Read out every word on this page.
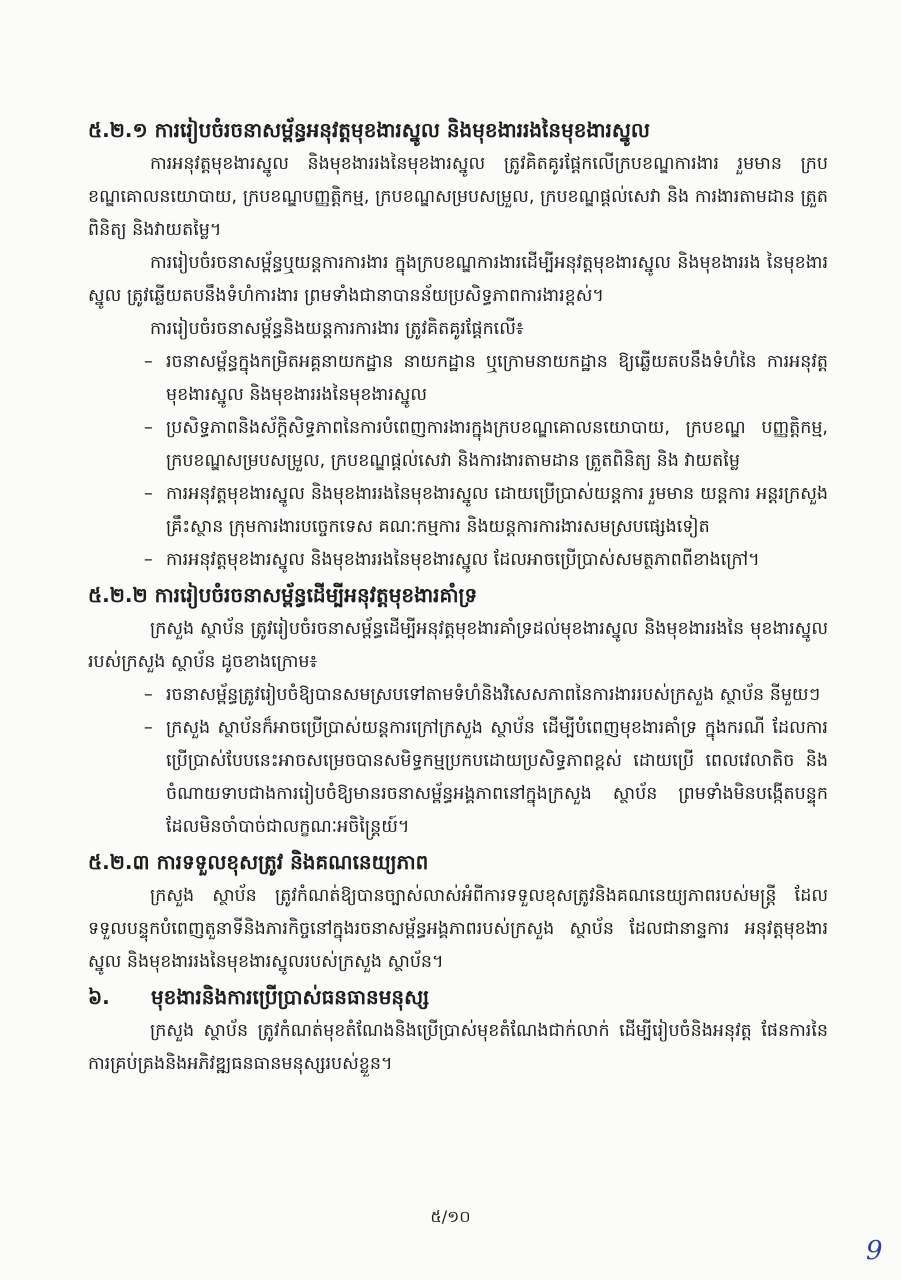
៥.២.១ ការរៀបចំរចនាសម្ព័ន្ធអនុវត្តមុខងារស្នូល និងមុខងាររងនៃមុខងារស្នូល

ការអនុវត្តមុខងារស្នូល និងមុខងាររងនៃមុខងារស្នូល ត្រូវគិតគូរផ្ដែកលើក្របខណ្ឌការងារ រួមមាន ក្របខណ្ឌគោលនយោបាយ, ក្របខណ្ឌបញ្ញត្តិកម្ម, ក្របខណ្ឌសម្របសម្រួល, ក្របខណ្ឌផ្ដល់សេវា និង ការងារតាមដាន ត្រួតពិនិត្យ និងវាយតម្លៃ។

ការរៀបចំរចនាសម្ព័ន្ធឬយន្តការការងារ ក្នុងក្របខណ្ឌការងារដើម្បីអនុវត្តមុខងារស្នូល និងមុខងាររង នៃមុខងារស្នូល ត្រូវឆ្លើយតបនឹងទំហំការងារ ព្រមទាំងជានាបានន័យប្រសិទ្ធភាពការងារខ្ពស់។

ការរៀបចំរចនាសម្ព័ន្ធនិងយន្តការការងារ ត្រូវគិតគូរផ្ដែកលើ៖

– រចនាសម្ព័ន្ធក្នុងកម្រិតអគ្គនាយកដ្ឋាន នាយកដ្ឋាន ឬក្រោមនាយកដ្ឋាន ឱ្យឆ្លើយតបនឹងទំហំនៃ ការអនុវត្តមុខងារស្នូល និងមុខងាររងនៃមុខងារស្នូល
– ប្រសិទ្ធភាពនិងស័ក្តិសិទ្ធភាពនៃការបំពេញការងារក្នុងក្របខណ្ឌគោលនយោបាយ, ក្របខណ្ឌ បញ្ញត្តិកម្ម, ក្របខណ្ឌសម្របសម្រួល, ក្របខណ្ឌផ្ដល់សេវា និងការងារតាមដាន ត្រួតពិនិត្យ និង វាយតម្លៃ
– ការអនុវត្តមុខងារស្នូល និងមុខងាររងនៃមុខងារស្នូល ដោយប្រើប្រាស់យន្តការ រួមមាន យន្តការ អន្តរក្រសួង គ្រឹះស្ថាន ក្រុមការងារបច្ចេកទេស គណៈកម្មការ និងយន្តការការងារសមស្របផ្សេងទៀត
– ការអនុវត្តមុខងារស្នូល និងមុខងាររងនៃមុខងារស្នូល ដែលអាចប្រើប្រាស់សមត្ថភាពពីខាងក្រៅ។
៥.២.២ ការរៀបចំរចនាសម្ព័ន្ធដើម្បីអនុវត្តមុខងារគាំទ្រ

ក្រសួង ស្ថាប័ន ត្រូវរៀបចំរចនាសម្ព័ន្ធដើម្បីអនុវត្តមុខងារគាំទ្រដល់មុខងារស្នូល និងមុខងាររងនៃ មុខងារស្នូលរបស់ក្រសួង ស្ថាប័ន ដូចខាងក្រោម៖

– រចនាសម្ព័ន្ធត្រូវរៀបចំឱ្យបានសមស្របទៅតាមទំហំនិងវិសេសភាពនៃការងាររបស់ក្រសួង ស្ថាប័ន នីមួយៗ
– ក្រសួង ស្ថាប័នក៏អាចប្រើប្រាស់យន្តការក្រៅក្រសួង ស្ថាប័ន ដើម្បីបំពេញមុខងារគាំទ្រ ក្នុងករណី ដែលការប្រើប្រាស់បែបនេះអាចសម្រេចបានសមិទ្ធកម្មប្រកបដោយប្រសិទ្ធភាពខ្ពស់ ដោយប្រើ ពេលវេលាតិច និងចំណាយទាបជាងការរៀបចំឱ្យមានរចនាសម្ព័ន្ធអង្គភាពនៅក្នុងក្រសួង ស្ថាប័ន ព្រមទាំងមិនបង្កើតបន្ទុកដែលមិនចាំបាច់ជាលក្ខណៈអចិន្ត្រៃយ៍។
៥.២.៣ ការទទួលខុសត្រូវ និងគណនេយ្យភាព

ក្រសួង ស្ថាប័ន ត្រូវកំណត់ឱ្យបានច្បាស់លាស់អំពីការទទួលខុសត្រូវនិងគណនេយ្យភាពរបស់មន្ត្រី ដែលទទួលបន្ទុកបំពេញតួនាទីនិងភារកិច្ចនៅក្នុងរចនាសម្ព័ន្ធអង្គភាពរបស់ក្រសួង ស្ថាប័ន ដែលជានាន្ទការ អនុវត្តមុខងារស្នូល និងមុខងាររងនៃមុខងារស្នូលរបស់ក្រសួង ស្ថាប័ន។

៦. មុខងារនិងការប្រើប្រាស់ធនធានមនុស្ស

ក្រសួង ស្ថាប័ន ត្រូវកំណត់មុខតំណែងនិងប្រើប្រាស់មុខតំណែងជាក់លាក់ ដើម្បីរៀបចំនិងអនុវត្ត ផែនការនៃការគ្រប់គ្រងនិងអភិវឌ្ឍធនធានមនុស្សរបស់ខ្លួន។

៥/១០
9
